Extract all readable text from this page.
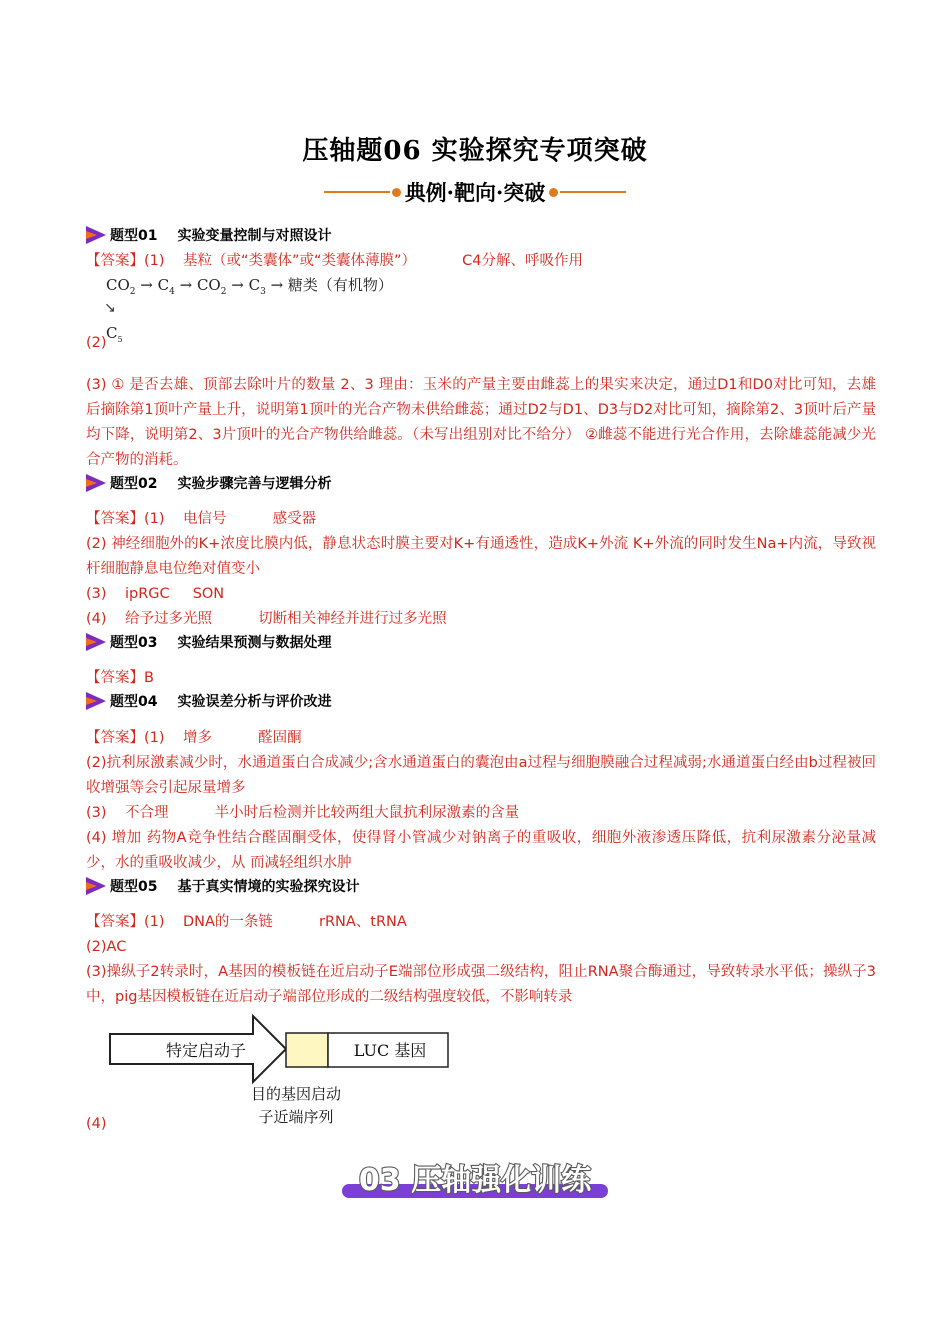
压轴题06 实验探究专项突破
典例·靶向·突破
题型01 实验变量控制与对照设计
【答案】(1)    基粒（或“类囊体”或“类囊体薄膜”）          C4分解、呼吸作用
$CO_2 \to C_4 \to CO_2 \to C_3$ → 糖类（有机物）
↘
$C_5$
(2)
(3) ① 是否去雄、顶部去除叶片的数量 2、3 理由：玉米的产量主要由雌蕊上的果实来决定，通过D1和D0对比可知，去雄后摘除第1顶叶产量上升，说明第1顶叶的光合产物未供给雌蕊；通过D2与D1、D3与D2对比可知，摘除第2、3顶叶后产量均下降，说明第2、3片顶叶的光合产物供给雌蕊。（未写出组别对比不给分） ②雌蕊不能进行光合作用，去除雄蕊能减少光合产物的消耗。
题型02 实验步骤完善与逻辑分析
【答案】(1)    电信号          感受器
(2) 神经细胞外的K+浓度比膜内低，静息状态时膜主要对K+有通透性，造成K+外流 K+外流的同时发生Na+内流，导致视杆细胞静息电位绝对值变小
(3)    ipRGC     SON
(4)    给予过多光照          切断相关神经并进行过多光照
题型03 实验结果预测与数据处理
【答案】B
题型04 实验误差分析与评价改进
【答案】(1)    增多          醛固酮
(2)抗利尿激素减少时，水通道蛋白合成减少;含水通道蛋白的囊泡由a过程与细胞膜融合过程减弱;水通道蛋白经由b过程被回收增强等会引起尿量增多
(3)    不合理          半小时后检测并比较两组大鼠抗利尿激素的含量
(4) 增加 药物A竞争性结合醛固酮受体，使得肾小管减少对钠离子的重吸收，细胞外液渗透压降低，抗利尿激素分泌量减少，水的重吸收减少，从 而减轻组织水肿
题型05 基于真实情境的实验探究设计
【答案】(1)    DNA的一条链          rRNA、tRNA
(2)AC
(3)操纵子2转录时，A基因的模板链在近启动子E端部位形成强二级结构，阻止RNA聚合酶通过，导致转录水平低；操纵子3中，pig基因模板链在近启动子端部位形成的二级结构强度较低，不影响转录
特定启动子	LUC 基因
目的基因启动
子近端序列
(4)
03 压轴强化训练
